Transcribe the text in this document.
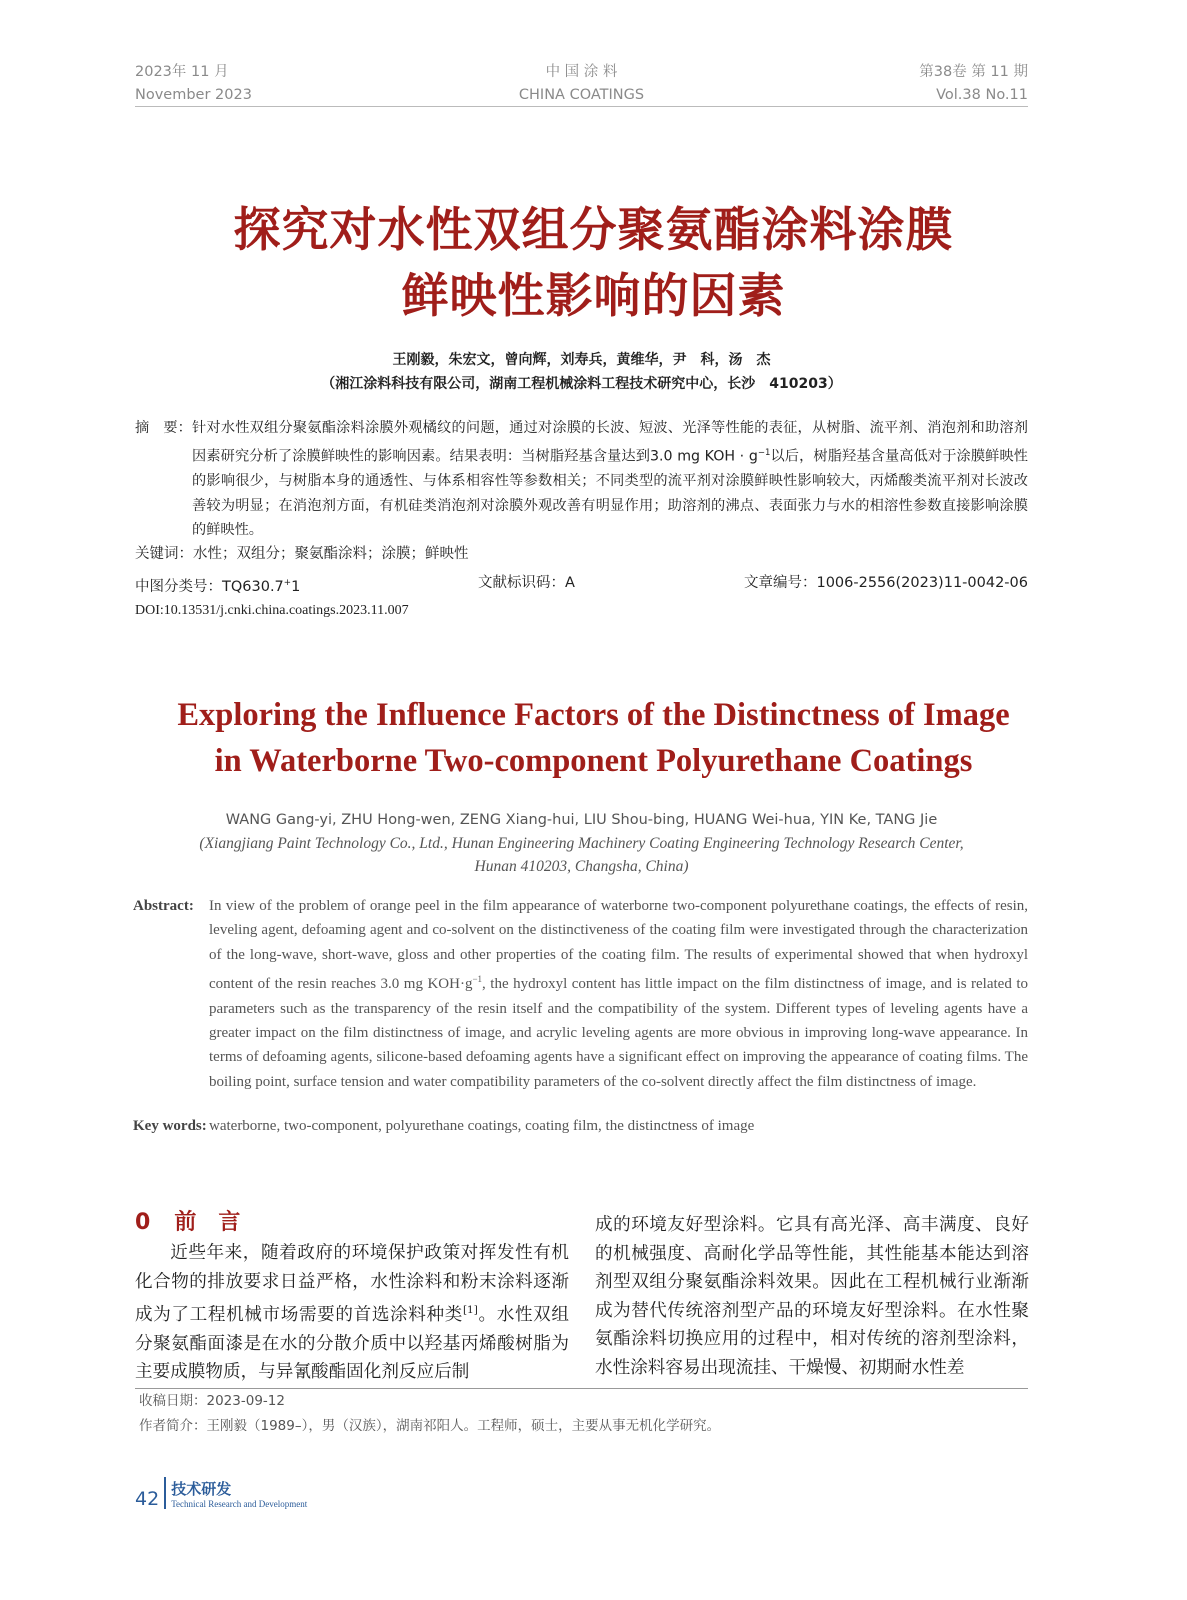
2023年 11 月
November 2023
中 国 涂 料
CHINA COATINGS
第38卷 第 11 期
Vol.38 No.11
探究对水性双组分聚氨酯涂料涂膜
鲜映性影响的因素
王刚毅，朱宏文，曾向辉，刘寿兵，黄维华，尹　科，汤　杰
（湘江涂料科技有限公司，湖南工程机械涂料工程技术研究中心，长沙　410203）
摘　要： 针对水性双组分聚氨酯涂料涂膜外观橘纹的问题，通过对涂膜的长波、短波、光泽等性能的表征，从树脂、流平剂、消泡剂和助溶剂因素研究分析了涂膜鲜映性的影响因素。结果表明：当树脂羟基含量达到3.0 mg KOH · $g^{-1}$以后，树脂羟基含量高低对于涂膜鲜映性的影响很少，与树脂本身的通透性、与体系相容性等参数相关；不同类型的流平剂对涂膜鲜映性影响较大，丙烯酸类流平剂对长波改善较为明显；在消泡剂方面，有机硅类消泡剂对涂膜外观改善有明显作用；助溶剂的沸点、表面张力与水的相溶性参数直接影响涂膜的鲜映性。
关键词：水性；双组分；聚氨酯涂料；涂膜；鲜映性
中图分类号：TQ630.7+1	文献标识码：A	文章编号：1006-2556(2023)11-0042-06
DOI:10.13531/j.cnki.china.coatings.2023.11.007
Exploring the Influence Factors of the Distinctness of Image
in Waterborne Two-component Polyurethane Coatings
WANG Gang-yi, ZHU Hong-wen, ZENG Xiang-hui, LIU Shou-bing, HUANG Wei-hua, YIN Ke, TANG Jie
(Xiangjiang Paint Technology Co., Ltd., Hunan Engineering Machinery Coating Engineering Technology Research Center,
Hunan 410203, Changsha, China)
Abstract: In view of the problem of orange peel in the film appearance of waterborne two-component polyurethane coatings, the effects of resin, leveling agent, defoaming agent and co-solvent on the distinctiveness of the coating film were investigated through the characterization of the long-wave, short-wave, gloss and other properties of the coating film. The results of experimental showed that when hydroxyl content of the resin reaches 3.0 mg $KOH\cdot g^{-1}$, the hydroxyl content has little impact on the film distinctness of image, and is related to parameters such as the transparency of the resin itself and the compatibility of the system. Different types of leveling agents have a greater impact on the film distinctness of image, and acrylic leveling agents are more obvious in improving long-wave appearance. In terms of defoaming agents, silicone-based defoaming agents have a significant effect on improving the appearance of coating films. The boiling point, surface tension and water compatibility parameters of the co-solvent directly affect the film distinctness of image.
Key words: waterborne, two-component, polyurethane coatings, coating film, the distinctness of image
0 前　言
近些年来，随着政府的环境保护政策对挥发性有机化合物的排放要求日益严格，水性涂料和粉末涂料逐渐成为了工程机械市场需要的首选涂料种类[1]。水性双组分聚氨酯面漆是在水的分散介质中以羟基丙烯酸树脂为主要成膜物质，与异氰酸酯固化剂反应后制
成的环境友好型涂料。它具有高光泽、高丰满度、良好的机械强度、高耐化学品等性能，其性能基本能达到溶剂型双组分聚氨酯涂料效果。因此在工程机械行业渐渐成为替代传统溶剂型产品的环境友好型涂料。在水性聚氨酯涂料切换应用的过程中，相对传统的溶剂型涂料，水性涂料容易出现流挂、干燥慢、初期耐水性差
收稿日期：2023-09-12
作者简介：王刚毅（1989–），男（汉族），湖南祁阳人。工程师，硕士，主要从事无机化学研究。
42 技术研发
Technical Research and Development
